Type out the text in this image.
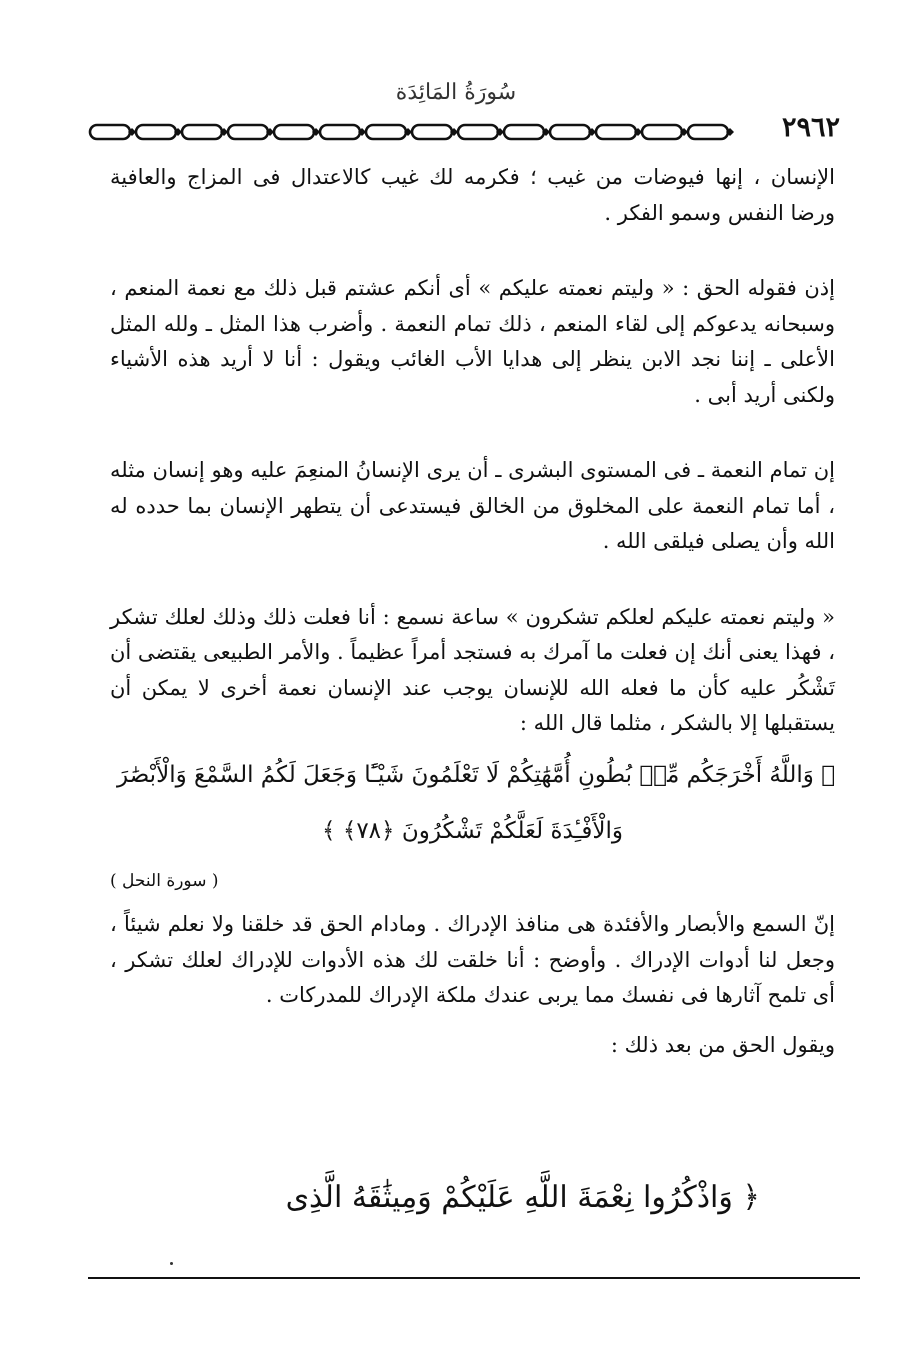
سُورَةُ المَائِدَة
٢٩٦٢

الإنسان ، إنها فيوضات من غيب ؛ فكرمه لك غيب كالاعتدال فى المزاج والعافية ورضا النفس وسمو الفكر .

إذن فقوله الحق : « وليتم نعمته عليكم » أى أنكم عشتم قبل ذلك مع نعمة المنعم ، وسبحانه يدعوكم إلى لقاء المنعم ، ذلك تمام النعمة . وأضرب هذا المثل ـ ولله المثل الأعلى ـ إننا نجد الابن ينظر إلى هدايا الأب الغائب ويقول : أنا لا أريد هذه الأشياء ولكنى أريد أبى .

إن تمام النعمة ـ فى المستوى البشرى ـ أن يرى الإنسانُ المنعِمَ عليه وهو إنسان مثله ، أما تمام النعمة على المخلوق من الخالق فيستدعى أن يتطهر الإنسان بما حدده له الله وأن يصلى فيلقى الله .

« وليتم نعمته عليكم لعلكم تشكرون » ساعة نسمع : أنا فعلت ذلك وذلك لعلك تشكر ، فهذا يعنى أنك إن فعلت ما آمرك به فستجد أمراً عظيماً . والأمر الطبيعى يقتضى أن تَشْكُر عليه كأن ما فعله الله للإنسان يوجب عند الإنسان نعمة أخرى لا يمكن أن يستقبلها إلا بالشكر ، مثلما قال الله :

﴿ وَاللَّهُ أَخْرَجَكُم مِّنۢ بُطُونِ أُمَّهَٰتِكُمْ لَا تَعْلَمُونَ شَيْـًٔا وَجَعَلَ لَكُمُ السَّمْعَ وَالْأَبْصَٰرَ
وَالْأَفْـِٔدَةَ لَعَلَّكُمْ تَشْكُرُونَ ﴿٧٨﴾ ﴾
( سورة النحل )

إنّ السمع والأبصار والأفئدة هى منافذ الإدراك . ومادام الحق قد خلقنا ولا نعلم شيئاً ، وجعل لنا أدوات الإدراك . وأوضح : أنا خلقت لك هذه الأدوات للإدراك لعلك تشكر ، أى تلمح آثارها فى نفسك مما يربى عندك ملكة الإدراك للمدركات .

ويقول الحق من بعد ذلك :

﴿ وَاذْكُرُوا نِعْمَةَ اللَّهِ عَلَيْكُمْ وَمِيثَٰقَهُ الَّذِى
